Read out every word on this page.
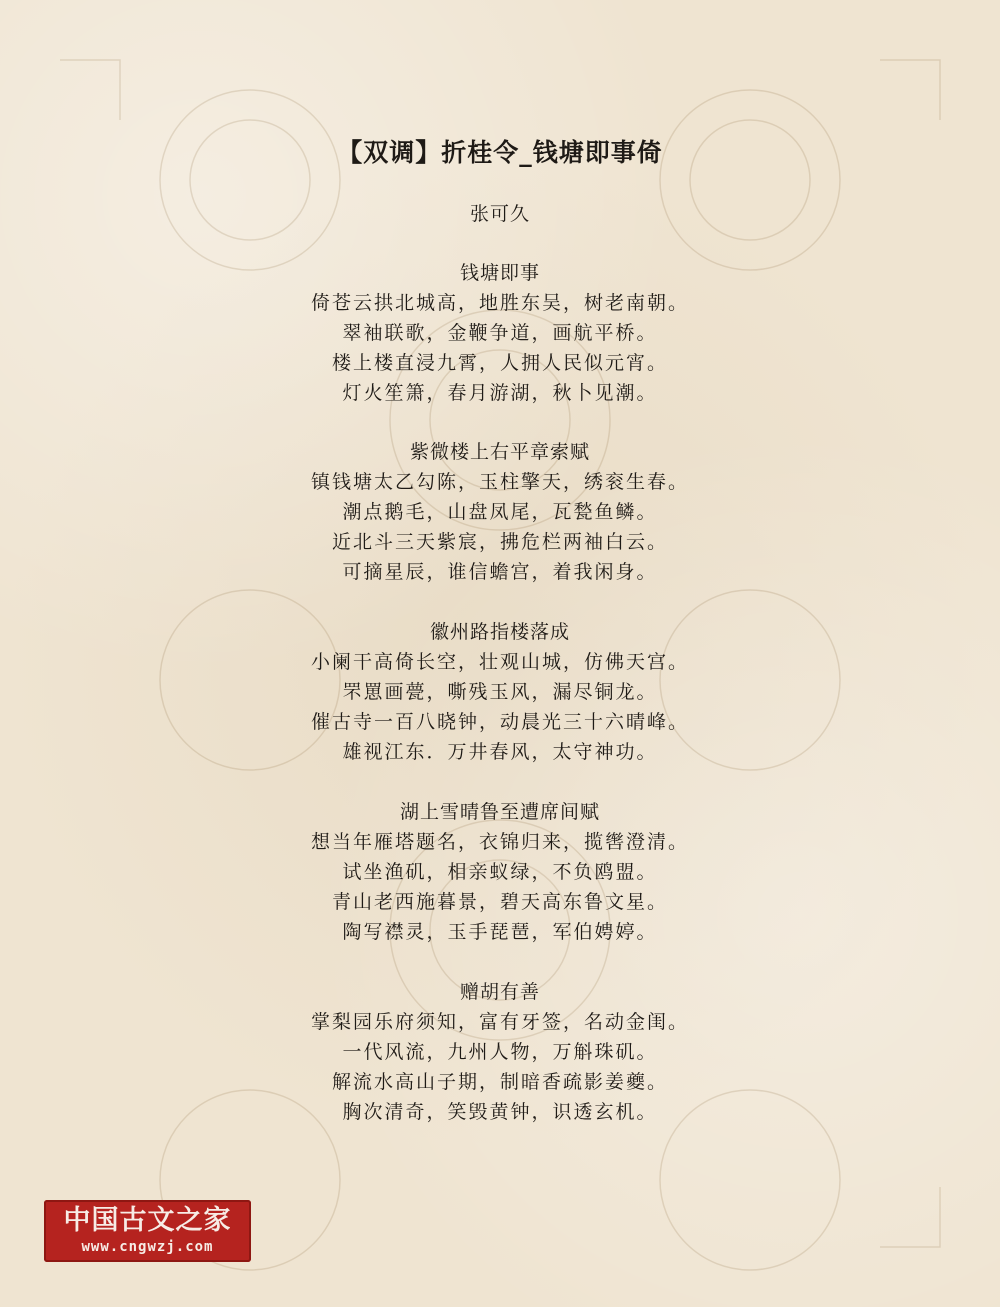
【双调】折桂令_钱塘即事倚
张可久
钱塘即事
倚苍云拱北城高，地胜东吴，树老南朝。
翠袖联歌，金鞭争道，画航平桥。
楼上楼直浸九霄，人拥人民似元宵。
灯火笙箫，春月游湖，秋卜见潮。
紫微楼上右平章索赋
镇钱塘太乙勾陈，玉柱擎天，绣衮生春。
潮点鹅毛，山盘凤尾，瓦甃鱼鳞。
近北斗三天紫宸，拂危栏两袖白云。
可摘星辰，谁信蟾宫，着我闲身。
徽州路指楼落成
小阑干高倚长空，壮观山城，仿佛天宫。
罘罳画甍，嘶残玉风，漏尽铜龙。
催古寺一百八晓钟，动晨光三十六晴峰。
雄视江东．万井春风，太守神功。
湖上雪晴鲁至遭席间赋
想当年雁塔题名，衣锦归来，揽辔澄清。
试坐渔矶，相亲蚁绿，不负鸥盟。
青山老西施暮景，碧天高东鲁文星。
陶写襟灵，玉手琵琶，军伯娉婷。
赠胡有善
掌梨园乐府须知，富有牙签，名动金闺。
一代风流，九州人物，万斛珠矶。
解流水高山子期，制暗香疏影姜夔。
胸次清奇，笑毁黄钟，识透玄机。
中国古文之家
www.cngwzj.com
